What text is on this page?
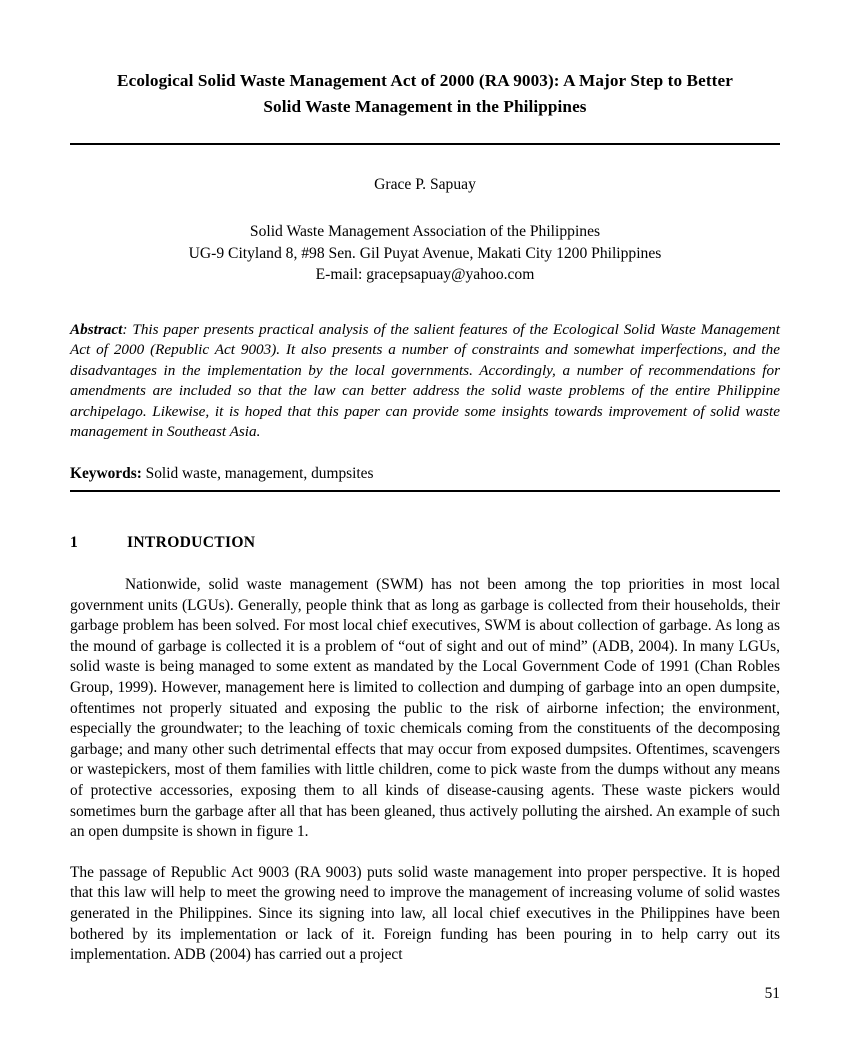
Ecological Solid Waste Management Act of 2000 (RA 9003): A Major Step to Better
Solid Waste Management in the Philippines
Grace P. Sapuay
Solid Waste Management Association of the Philippines
UG-9 Cityland 8, #98 Sen. Gil Puyat Avenue, Makati City 1200 Philippines
E-mail: gracepsapuay@yahoo.com
Abstract: This paper presents practical analysis of the salient features of the Ecological Solid Waste Management Act of 2000 (Republic Act 9003). It also presents a number of constraints and somewhat imperfections, and the disadvantages in the implementation by the local governments. Accordingly, a number of recommendations for amendments are included so that the law can better address the solid waste problems of the entire Philippine archipelago. Likewise, it is hoped that this paper can provide some insights towards improvement of solid waste management in Southeast Asia.
Keywords: Solid waste, management, dumpsites
1	INTRODUCTION

Nationwide, solid waste management (SWM) has not been among the top priorities in most local government units (LGUs). Generally, people think that as long as garbage is collected from their households, their garbage problem has been solved. For most local chief executives, SWM is about collection of garbage. As long as the mound of garbage is collected it is a problem of “out of sight and out of mind” (ADB, 2004). In many LGUs, solid waste is being managed to some extent as mandated by the Local Government Code of 1991 (Chan Robles Group, 1999). However, management here is limited to collection and dumping of garbage into an open dumpsite, oftentimes not properly situated and exposing the public to the risk of airborne infection; the environment, especially the groundwater; to the leaching of toxic chemicals coming from the constituents of the decomposing garbage; and many other such detrimental effects that may occur from exposed dumpsites. Oftentimes, scavengers or wastepickers, most of them families with little children, come to pick waste from the dumps without any means of protective accessories, exposing them to all kinds of disease-causing agents. These waste pickers would sometimes burn the garbage after all that has been gleaned, thus actively polluting the airshed. An example of such an open dumpsite is shown in figure 1.

The passage of Republic Act 9003 (RA 9003) puts solid waste management into proper perspective. It is hoped that this law will help to meet the growing need to improve the management of increasing volume of solid wastes generated in the Philippines. Since its signing into law, all local chief executives in the Philippines have been bothered by its implementation or lack of it. Foreign funding has been pouring in to help carry out its implementation. ADB (2004) has carried out a project

51
